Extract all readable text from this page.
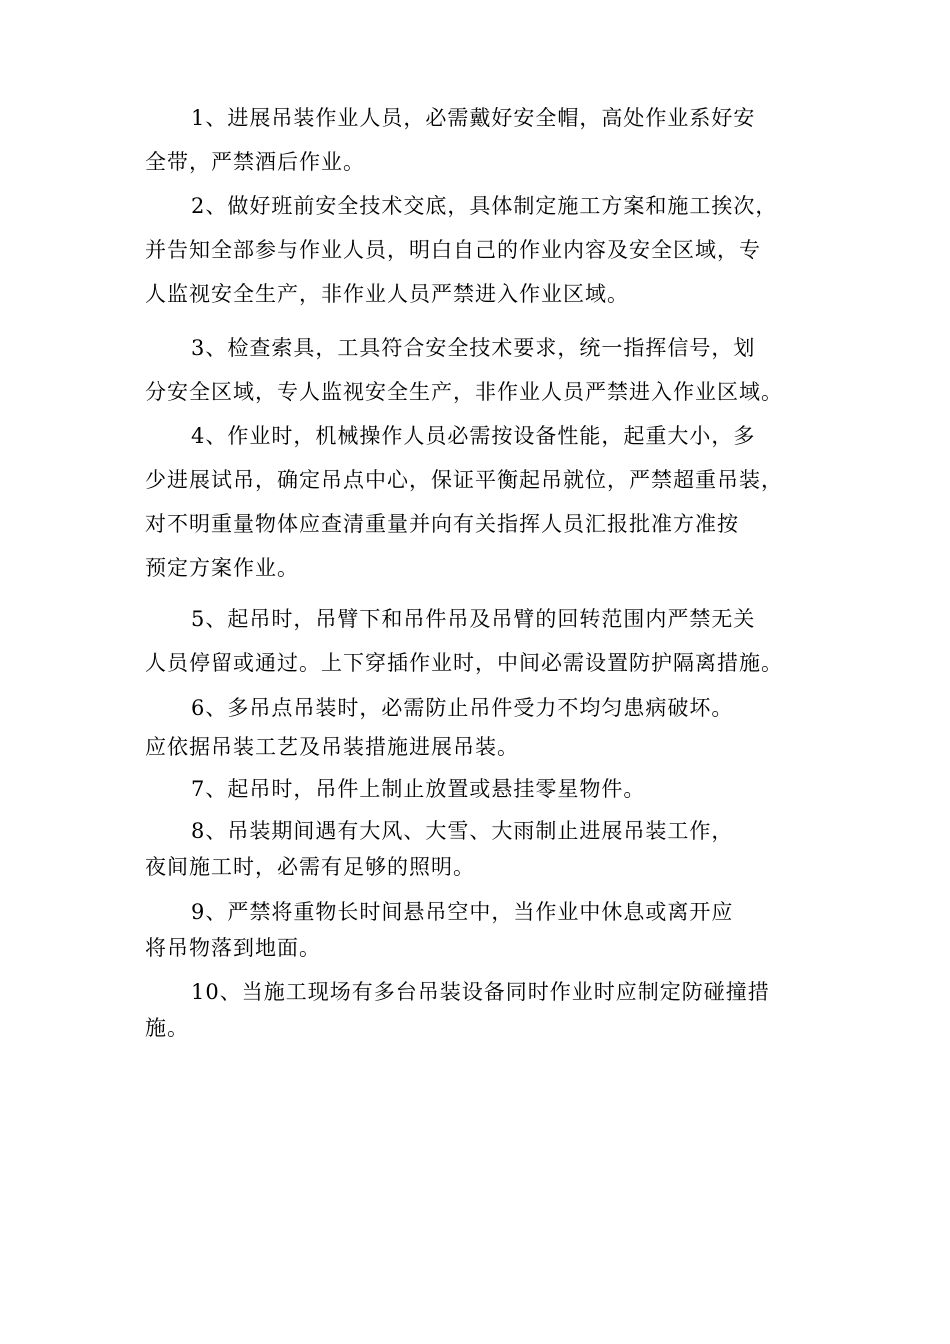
1、进展吊装作业人员，必需戴好安全帽，高处作业系好安
全带，严禁酒后作业。

2、做好班前安全技术交底，具体制定施工方案和施工挨次，
并告知全部参与作业人员，明白自己的作业内容及安全区域，专
人监视安全生产，非作业人员严禁进入作业区域。

3、检查索具，工具符合安全技术要求，统一指挥信号，划
分安全区域，专人监视安全生产，非作业人员严禁进入作业区域。

4、作业时，机械操作人员必需按设备性能，起重大小，多
少进展试吊，确定吊点中心，保证平衡起吊就位，严禁超重吊装，
对不明重量物体应查清重量并向有关指挥人员汇报批准方准按
预定方案作业。

5、起吊时，吊臂下和吊件吊及吊臂的回转范围内严禁无关
人员停留或通过。上下穿插作业时，中间必需设置防护隔离措施。

6、多吊点吊装时，必需防止吊件受力不均匀患病破坏。
应依据吊装工艺及吊装措施进展吊装。

7、起吊时，吊件上制止放置或悬挂零星物件。

8、吊装期间遇有大风、大雪、大雨制止进展吊装工作，
夜间施工时，必需有足够的照明。

9、严禁将重物长时间悬吊空中，当作业中休息或离开应
将吊物落到地面。

10、当施工现场有多台吊装设备同时作业时应制定防碰撞措
施。
